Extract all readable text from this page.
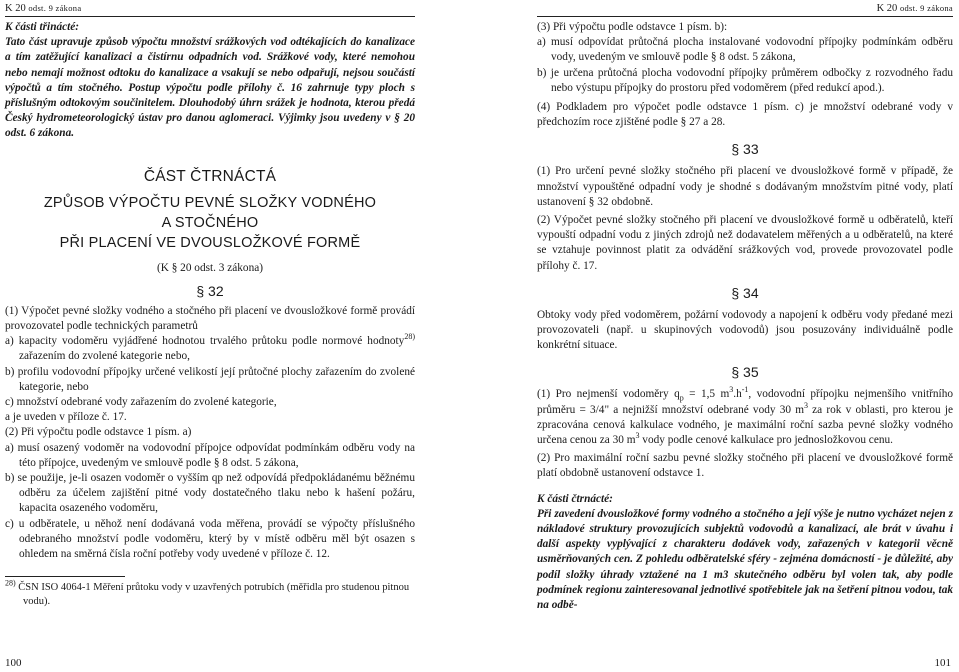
K 20 odst. 9 zákona
K části třinácté:

Tato část upravuje způsob výpočtu množství srážkových vod odtékajících do kanalizace a tím zatěžující kanalizaci a čistírnu odpadních vod. Srážkové vody, které nemohou nebo nemají možnost odtoku do kanalizace a vsakují se nebo odpařují, nejsou součástí výpočtů a tím stočného. Postup výpočtu podle přílohy č. 16 zahrnuje typy ploch s příslušným odtokovým součinitelem. Dlouhodobý úhrn srážek je hodnota, kterou předá Český hydrometeorologický ústav pro danou aglomeraci. Výjimky jsou uvedeny v § 20 odst. 6 zákona.

ČÁST ČTRNÁCTÁ
ZPŮSOB VÝPOČTU PEVNÉ SLOŽKY VODNÉHO
A STOČNÉHO
PŘI PLACENÍ VE DVOUSLOŽKOVÉ FORMĚ
(K § 20 odst. 3 zákona)
§ 32

(1) Výpočet pevné složky vodného a stočného při placení ve dvousložkové formě provádí provozovatel podle technických parametrů

a) kapacity vodoměru vyjádřené hodnotou trvalého průtoku podle normové hodnoty$^{28)}$ zařazením do zvolené kategorie nebo,

b) profilu vodovodní přípojky určené velikostí její průtočné plochy zařazením do zvolené kategorie, nebo

c) množství odebrané vody zařazením do zvolené kategorie,

a je uveden v příloze č. 17.

(2) Při výpočtu podle odstavce 1 písm. a)

a) musí osazený vodoměr na vodovodní přípojce odpovídat podmínkám odběru vody na této přípojce, uvedeným ve smlouvě podle § 8 odst. 5 zákona,

b) se použije, je-li osazen vodoměr o vyšším qp než odpovídá předpokládanému běžnému odběru za účelem zajištění pitné vody dostatečného tlaku nebo k hašení požáru, kapacita osazeného vodoměru,

c) u odběratele, u něhož není dodávaná voda měřena, provádí se výpočty příslušného odebraného množství podle vodoměru, který by v místě odběru měl být osazen s ohledem na směrná čísla roční potřeby vody uvedené v příloze č. 12.

$^{28)}$ ČSN ISO 4064-1 Měření průtoku vody v uzavřených potrubích (měřidla pro studenou pitnou vodu).

100
K 20 odst. 9 zákona

(3) Při výpočtu podle odstavce 1 písm. b):

a) musí odpovídat průtočná plocha instalované vodovodní přípojky podmínkám odběru vody, uvedeným ve smlouvě podle § 8 odst. 5 zákona,

b) je určena průtočná plocha vodovodní přípojky průměrem odbočky z rozvodného řadu nebo výstupu přípojky do prostoru před vodoměrem (před redukcí apod.).

(4) Podkladem pro výpočet podle odstavce 1 písm. c) je množství odebrané vody v předchozím roce zjištěné podle § 27 a 28.

§ 33

(1) Pro určení pevné složky stočného při placení ve dvousložkové formě v případě, že množství vypouštěné odpadní vody je shodné s dodávaným množstvím pitné vody, platí ustanovení § 32 obdobně.

(2) Výpočet pevné složky stočného při placení ve dvousložkové formě u odběratelů, kteří vypouští odpadní vodu z jiných zdrojů než dodavatelem měřených a u odběratelů, na které se vztahuje povinnost platit za odvádění srážkových vod, provede provozovatel podle přílohy č. 17.

§ 34

Obtoky vody před vodoměrem, požární vodovody a napojení k odběru vody předané mezi provozovateli (např. u skupinových vodovodů) jsou posuzovány individuálně podle konkrétní situace.

§ 35

(1) Pro nejmenší vodoměry $q_p = 1,5$ $m^3.h^{-1}$, vodovodní přípojku nejmenšího vnitřního průměru = 3/4" a nejnižší množství odebrané vody 30 $m^3$ za rok v oblasti, pro kterou je zpracována cenová kalkulace vodného, je maximální roční sazba pevné složky vodného určena cenou za 30 $m^3$ vody podle cenové kalkulace pro jednosložkovou cenu.

(2) Pro maximální roční sazbu pevné složky stočného při placení ve dvousložkové formě platí obdobně ustanovení odstavce 1.

K části čtrnácté:

Při zavedení dvousložkové formy vodného a stočného a její výše je nutno vycházet nejen z nákladové struktury provozujících subjektů vodovodů a kanalizací, ale brát v úvahu i další aspekty vyplývající z charakteru dodávek vody, zařazených v kategorii věcně usměrňovaných cen. Z pohledu odběratelské sféry - zejména domácností - je důležité, aby podíl složky úhrady vztažené na 1 m3 skutečného odběru byl volen tak, aby podle podmínek regionu zainteresovanal jednotlivé spotřebitele jak na šetření pitnou vodou, tak na odbě-

101
